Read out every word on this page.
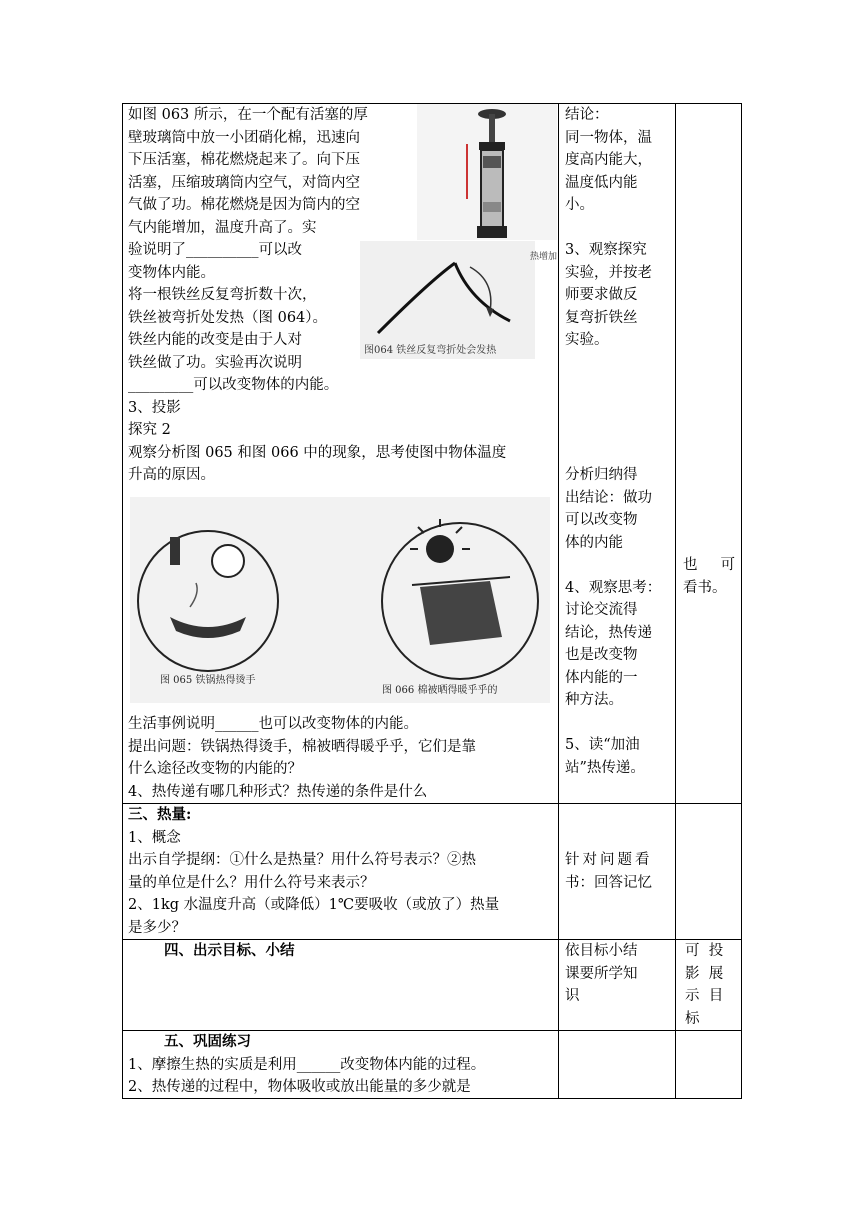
如图 063 所示，在一个配有活塞的厚

壁玻璃筒中放一小团硝化棉，迅速向

下压活塞，棉花燃烧起来了。向下压

活塞，压缩玻璃筒内空气，对筒内空

气做了功。棉花燃烧是因为筒内的空

气内能增加，温度升高了。实

验说明了__________可以改

变物体内能。

将一根铁丝反复弯折数十次，

铁丝被弯折处发热（图 064）。

铁丝内能的改变是由于人对

铁丝做了功。实验再次说明

_________可以改变物体的内能。

3、投影

探究 2

观察分析图 065 和图 066 中的现象，思考使图中物体温度

升高的原因。

图064 铁丝反复弯折处会发热
热增加
图 065 铁锅热得烫手
图 066 棉被晒得暖乎乎的

生活事例说明______也可以改变物体的内能。

提出问题：铁锅热得烫手，棉被晒得暖乎乎，它们是靠

什么途径改变物的内能的？

4、热传递有哪几种形式？热传递的条件是什么

结论：

同一物体，温

度高内能大，

温度低内能

小。

3、观察探究

实验，并按老

师要求做反

复弯折铁丝

实验。

分析归纳得

出结论：做功

可以改变物

体的内能

4、观察思考：

讨论交流得

结论，热传递

也是改变物

体内能的一

种方法。

5、读“加油

站”热传递。

也 可

看书。

三、热量:

1、概念

出示自学提纲：①什么是热量？用什么符号表示？②热

量的单位是什么？用什么符号来表示？

2、1kg 水温度升高（或降低）1℃要吸收（或放了）热量

是多少？

针对问题看

书：回答记忆

四、出示目标、小结	依目标小结

课要所学知

识

可  投

影  展

示  目

标

五、巩固练习

1、摩擦生热的实质是利用______改变物体内能的过程。

2、热传递的过程中，物体吸收或放出能量的多少就是
